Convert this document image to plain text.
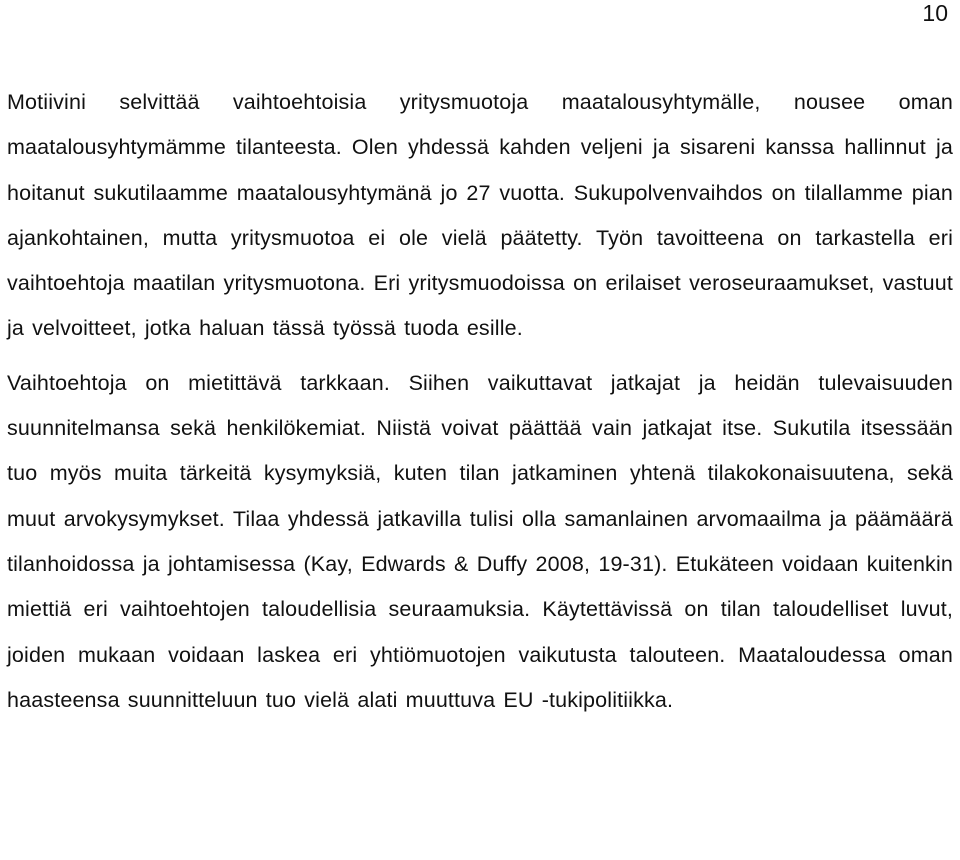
10

Motiivini selvittää vaihtoehtoisia yritysmuotoja maatalousyhtymälle, nousee oman maatalousyhtymämme tilanteesta. Olen yhdessä kahden veljeni ja sisareni kanssa hallinnut ja hoitanut sukutilaamme maatalousyhtymänä jo 27 vuotta. Sukupolvenvaihdos on tilallamme pian ajankohtainen, mutta yritysmuotoa ei ole vielä päätetty. Työn tavoitteena on tarkastella eri vaihtoehtoja maatilan yritysmuotona. Eri yritysmuodoissa on erilaiset veroseuraamukset, vastuut ja velvoitteet, jotka haluan tässä työssä tuoda esille.

Vaihtoehtoja on mietittävä tarkkaan. Siihen vaikuttavat jatkajat ja heidän tulevaisuuden suunnitelmansa sekä henkilökemiat. Niistä voivat päättää vain jatkajat itse. Sukutila itsessään tuo myös muita tärkeitä kysymyksiä, kuten tilan jatkaminen yhtenä tilakokonaisuutena, sekä muut arvokysymykset. Tilaa yhdessä jatkavilla tulisi olla samanlainen arvomaailma ja päämäärä tilanhoidossa ja johtamisessa (Kay, Edwards & Duffy 2008, 19-31). Etukäteen voidaan kuitenkin miettiä eri vaihtoehtojen taloudellisia seuraamuksia. Käytettävissä on tilan taloudelliset luvut, joiden mukaan voidaan laskea eri yhtiömuotojen vaikutusta talouteen. Maataloudessa oman haasteensa suunnitteluun tuo vielä alati muuttuva EU -tukipolitiikka.
